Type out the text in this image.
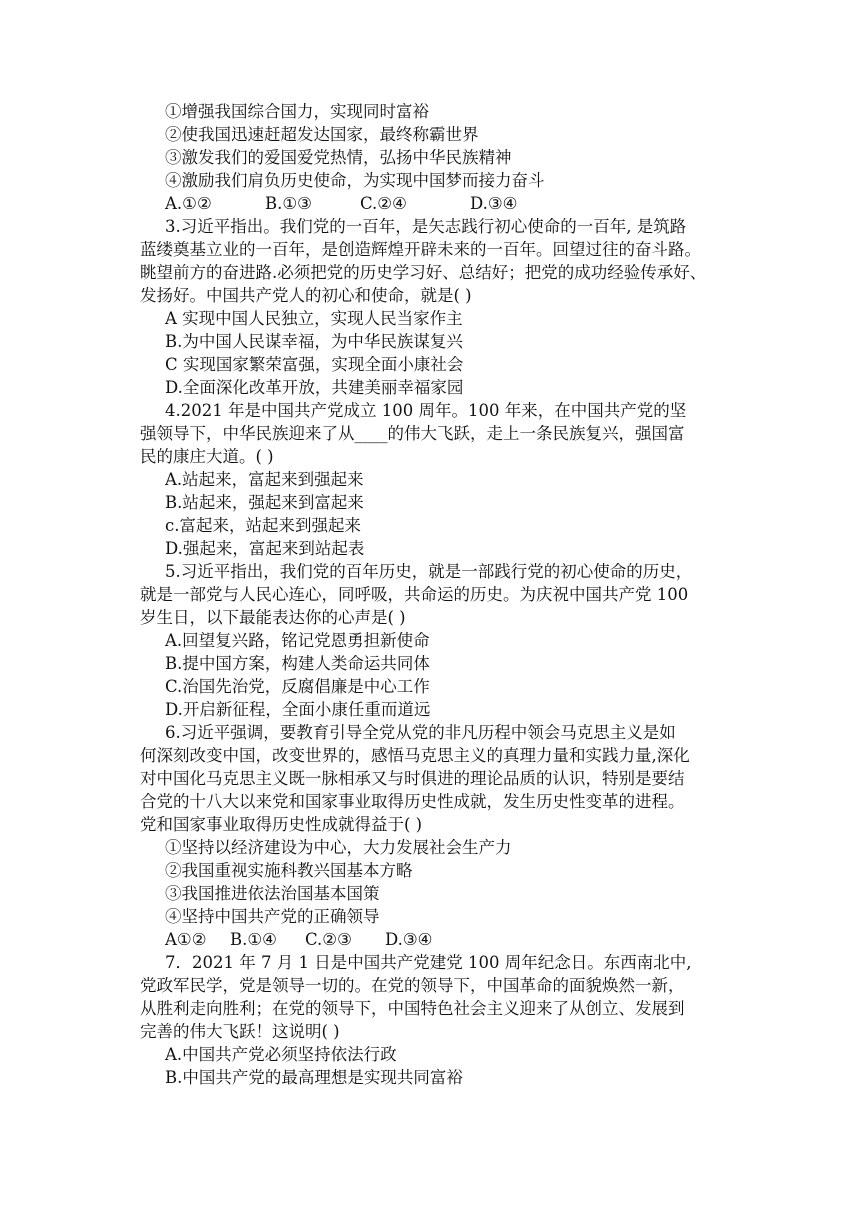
①增强我国综合国力，实现同时富裕
②使我国迅速赶超发达国家，最终称霸世界
③激发我们的爱国爱党热情，弘扬中华民族精神
④激励我们肩负历史使命，为实现中国梦而接力奋斗
A.①②	B.①③	C.②④	D.③④
3.习近平指出。我们党的一百年，是矢志践行初心使命的一百年, 是筑路
蓝缕奠基立业的一百年，是创造辉煌开辟未来的一百年。回望过往的奋斗路。
眺望前方的奋进路.必须把党的历史学习好、总结好；把党的成功经验传承好、
发扬好。中国共产党人的初心和使命，就是( )
A 实现中国人民独立，实现人民当家作主
B.为中国人民谋幸福，为中华民族谋复兴
C 实现国家繁荣富强，实现全面小康社会
D.全面深化改革开放，共建美丽幸福家园
4.2021 年是中国共产党成立 100 周年。100 年来，在中国共产党的坚
强领导下，中华民族迎来了从____的伟大飞跃，走上一条民族复兴，强国富
民的康庄大道。( )
A.站起来，富起来到强起来
B.站起来，强起来到富起来
c.富起来，站起来到强起来
D.强起来，富起来到站起表
5.习近平指出，我们党的百年历史，就是一部践行党的初心使命的历史，
就是一部党与人民心连心，同呼吸，共命运的历史。为庆祝中国共产党 100
岁生日，以下最能表达你的心声是( )
A.回望复兴路，铭记党恩勇担新使命
B.提中国方案，构建人类命运共同体
C.治国先治党，反腐倡廉是中心工作
D.开启新征程，全面小康任重而道远
6.习近平强调，要教育引导全党从党的非凡历程中领会马克思主义是如
何深刻改变中国，改变世界的，感悟马克思主义的真理力量和实践力量,深化
对中国化马克思主义既一脉相承又与时俱进的理论品质的认识，特别是要结
合党的十八大以来党和国家事业取得历史性成就，发生历史性变革的进程。
党和国家事业取得历史性成就得益于( )
①坚持以经济建设为中心，大力发展社会生产力
②我国重视实施科教兴国基本方略
③我国推进依法治国基本国策
④坚持中国共产党的正确领导
A①② B.①④ C.②③ D.③④
7．2021 年 7 月 1 日是中国共产党建党 100 周年纪念日。东西南北中,
党政军民学，党是领导一切的。在党的领导下，中国革命的面貌焕然一新，
从胜利走向胜利；在党的领导下，中国特色社会主义迎来了从创立、发展到
完善的伟大飞跃！这说明( )
A.中国共产党必须坚持依法行政
B.中国共产党的最高理想是实现共同富裕
